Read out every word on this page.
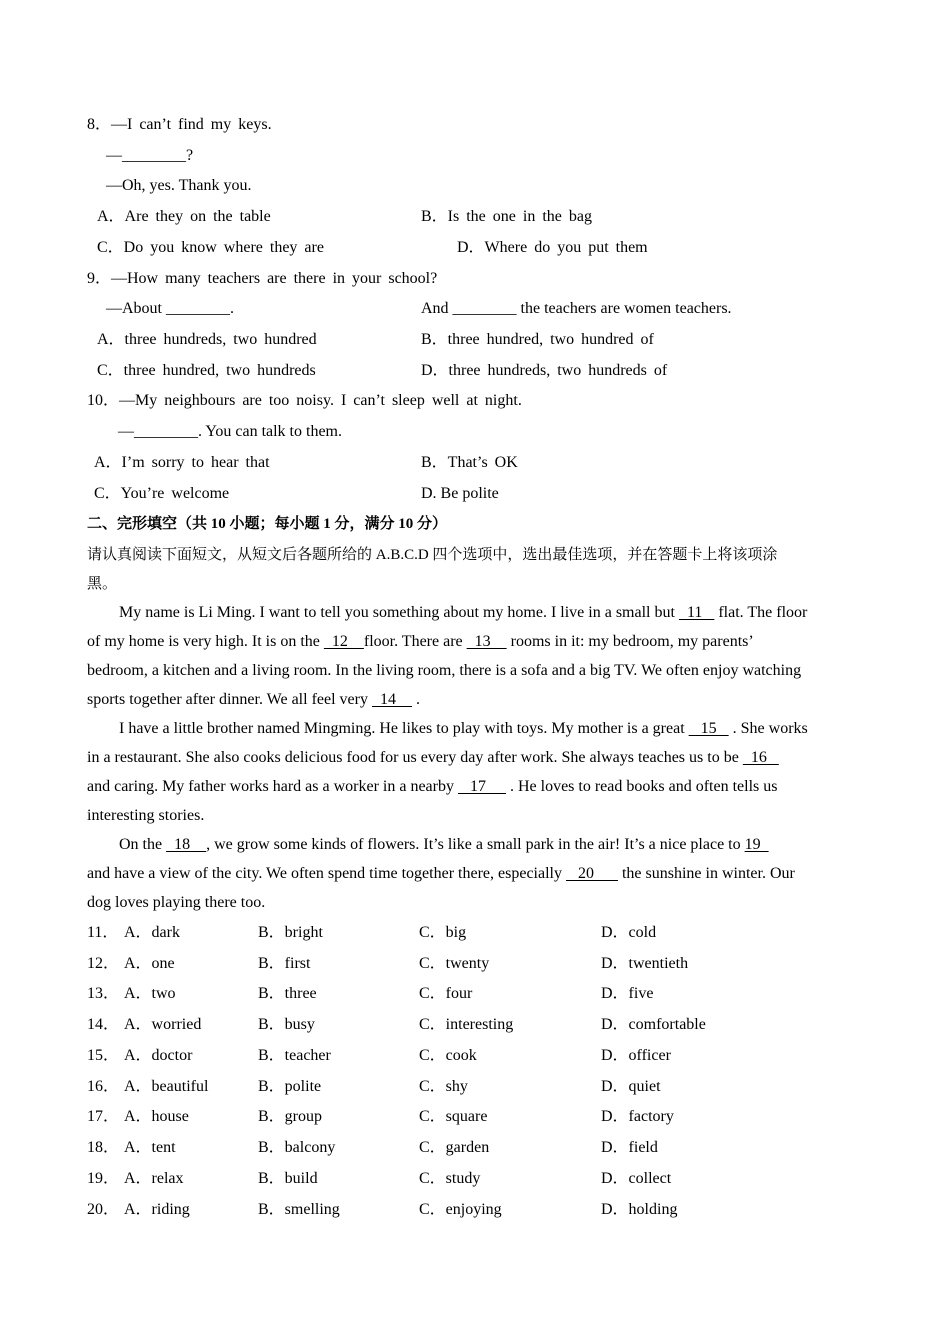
8．—I can’t find my keys.
—________?
—Oh, yes. Thank you.
A．Are they on the table	B．Is the one in the bag
C．Do you know where they are	D．Where do you put them
9．—How many teachers are there in your school?
—About ________.	And ________ the teachers are women teachers.
A．three hundreds, two hundred	B．three hundred, two hundred of
C．three hundred, two hundreds	D．three hundreds, two hundreds of
10．—My neighbours are too noisy. I can’t sleep well at night.
—________. You can talk to them.
A．I’m sorry to hear that	B．That’s OK
C．You’re welcome	D. Be polite
二、完形填空（共 10 小题；每小题 1 分，满分 10 分）
请认真阅读下面短文，从短文后各题所给的 A.B.C.D 四个选项中，选出最佳选项，并在答题卡上将该项涂
黑。
My name is Li Ming. I want to tell you something about my home. I live in a small but   11    flat. The floor
of my home is very high. It is on the   12    floor. There are   13     rooms in it: my bedroom, my parents’
bedroom, a kitchen and a living room. In the living room, there is a sofa and a big TV. We often enjoy watching
sports together after dinner. We all feel very   14     .
I have a little brother named Mingming. He likes to play with toys. My mother is a great    15    . She works
in a restaurant. She also cooks delicious food for us every day after work. She always teaches us to be   16
and caring. My father works hard as a worker in a nearby    17      . He loves to read books and often tells us
interesting stories.
On the   18    , we grow some kinds of flowers. It’s like a small park in the air! It’s a nice place to 19
and have a view of the city. We often spend time together there, especially    20       the sunshine in winter. Our
dog loves playing there too.
11． A．dark	B．bright	C．big	D．cold
12． A．one	B．first	C．twenty	D．twentieth
13． A．two	B．three	C．four	D．five
14． A．worried	B．busy	C．interesting	D．comfortable
15． A．doctor	B．teacher	C．cook	D．officer
16． A．beautiful	B．polite	C．shy	D．quiet
17． A．house	B．group	C．square	D．factory
18． A．tent	B．balcony	C．garden	D．field
19． A．relax	B．build	C．study	D．collect
20． A．riding	B．smelling	C．enjoying	D．holding
